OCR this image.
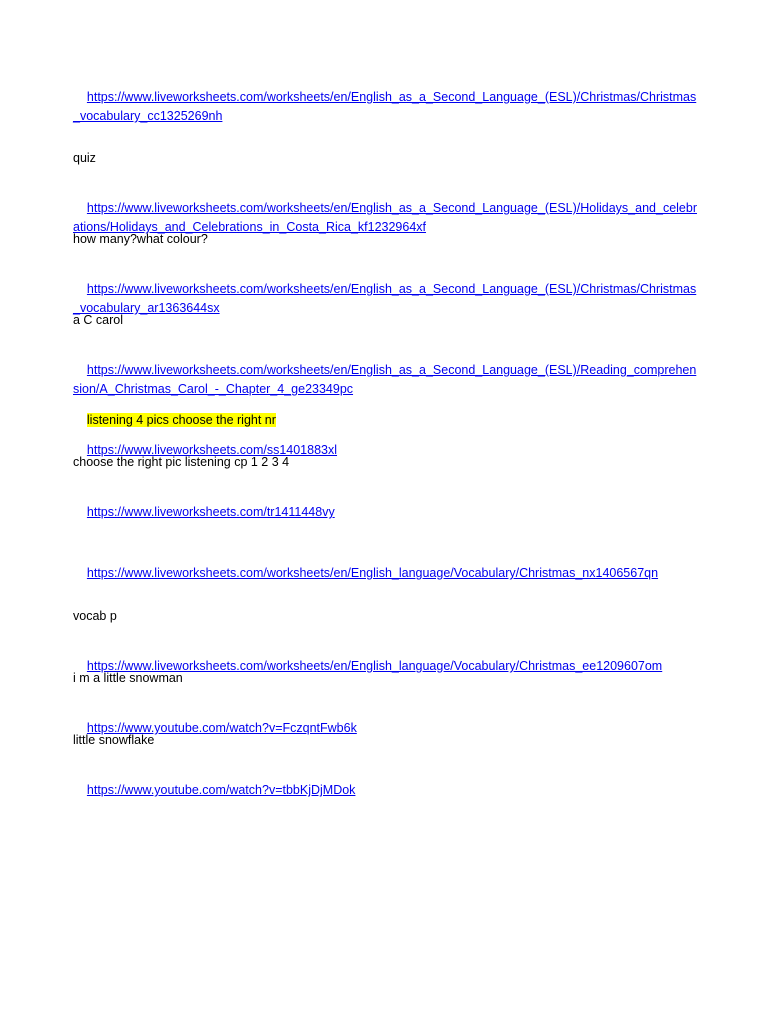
https://www.liveworksheets.com/worksheets/en/English_as_a_Second_Language_(ESL)/Christmas/Christmas_vocabulary_cc1325269nh

quiz

https://www.liveworksheets.com/worksheets/en/English_as_a_Second_Language_(ESL)/Holidays_and_celebrations/Holidays_and_Celebrations_in_Costa_Rica_kf1232964xf

how many?what colour?

https://www.liveworksheets.com/worksheets/en/English_as_a_Second_Language_(ESL)/Christmas/Christmas_vocabulary_ar1363644sx

a C carol

https://www.liveworksheets.com/worksheets/en/English_as_a_Second_Language_(ESL)/Reading_comprehension/A_Christmas_Carol_-_Chapter_4_ge23349pc

listening 4 pics choose the right nr

https://www.liveworksheets.com/ss1401883xl

choose the right pic listening cp 1 2 3 4

https://www.liveworksheets.com/tr1411448vy

https://www.liveworksheets.com/worksheets/en/English_language/Vocabulary/Christmas_nx1406567qn

vocab p

https://www.liveworksheets.com/worksheets/en/English_language/Vocabulary/Christmas_ee1209607om

i m a little snowman

https://www.youtube.com/watch?v=FczqntFwb6k

little snowflake

https://www.youtube.com/watch?v=tbbKjDjMDok
